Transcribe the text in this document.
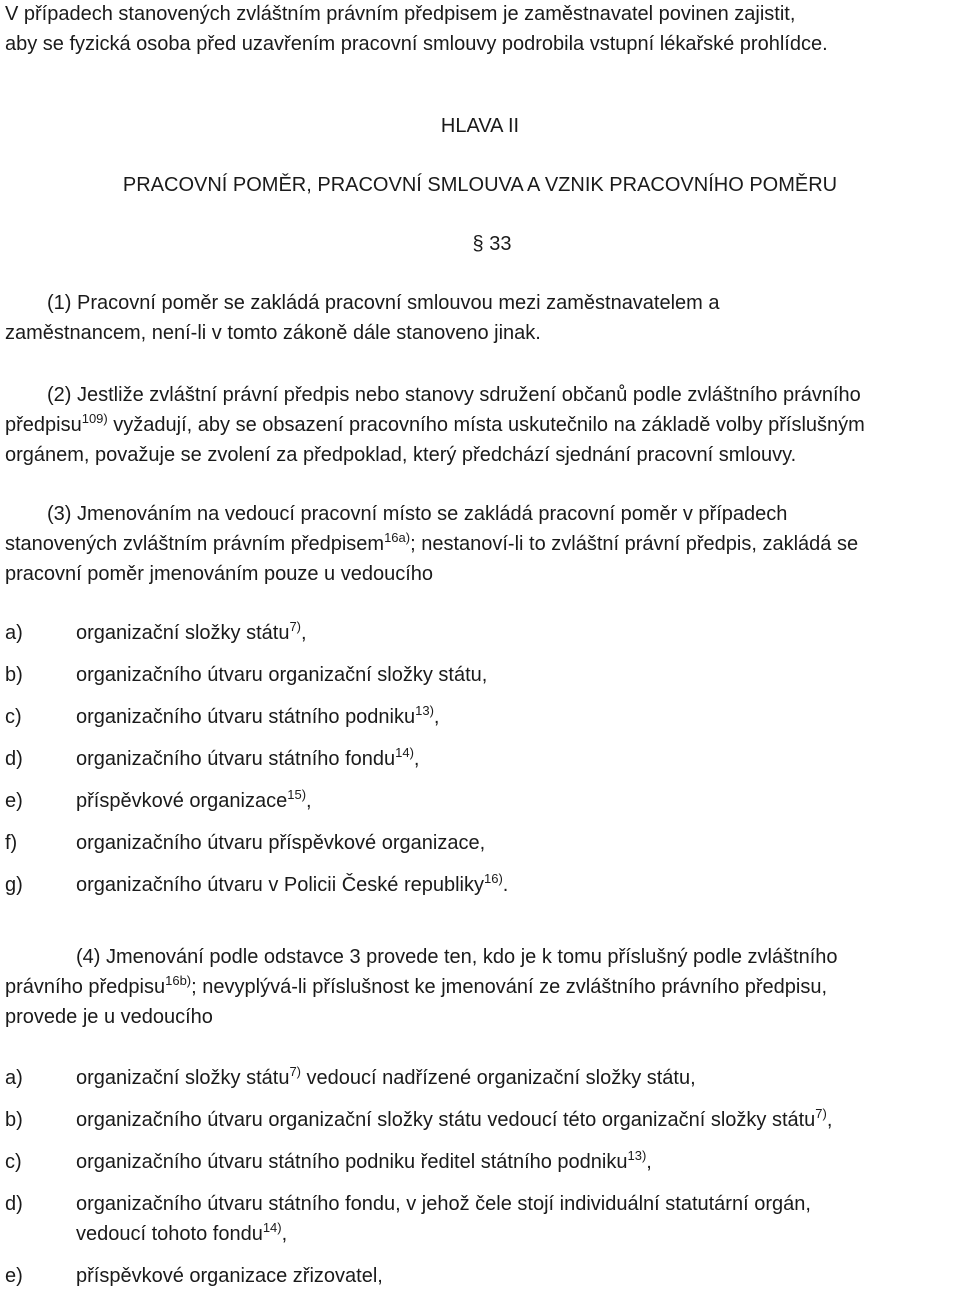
V případech stanovených zvláštním právním předpisem je zaměstnavatel povinen zajistit,
aby se fyzická osoba před uzavřením pracovní smlouvy podrobila vstupní lékařské prohlídce.
HLAVA II
PRACOVNÍ POMĚR, PRACOVNÍ SMLOUVA A VZNIK PRACOVNÍHO POMĚRU
§ 33
(1) Pracovní poměr se zakládá pracovní smlouvou mezi zaměstnavatelem a
zaměstnancem, není-li v tomto zákoně dále stanoveno jinak.
(2) Jestliže zvláštní právní předpis nebo stanovy sdružení občanů podle zvláštního právního
předpisu$^{109)}$ vyžadují, aby se obsazení pracovního místa uskutečnilo na základě volby příslušným
orgánem, považuje se zvolení za předpoklad, který předchází sjednání pracovní smlouvy.
(3) Jmenováním na vedoucí pracovní místo se zakládá pracovní poměr v případech
stanovených zvláštním právním předpisem$^{16a)}$; nestanoví-li to zvláštní právní předpis, zakládá se
pracovní poměr jmenováním pouze u vedoucího
a)	organizační složky státu$^{7)}$,
b)	organizačního útvaru organizační složky státu,
c)	organizačního útvaru státního podniku$^{13)}$,
d)	organizačního útvaru státního fondu$^{14)}$,
e)	příspěvkové organizace$^{15)}$,
f)	organizačního útvaru příspěvkové organizace,
g)	organizačního útvaru v Policii České republiky$^{16)}$.
(4) Jmenování podle odstavce 3 provede ten, kdo je k tomu příslušný podle zvláštního
právního předpisu$^{16b)}$; nevyplývá-li příslušnost ke jmenování ze zvláštního právního předpisu,
provede je u vedoucího
a)	organizační složky státu$^{7)}$ vedoucí nadřízené organizační složky státu,
b)	organizačního útvaru organizační složky státu vedoucí této organizační složky státu$^{7)}$,
c)	organizačního útvaru státního podniku ředitel státního podniku$^{13)}$,
d)	organizačního útvaru státního fondu, v jehož čele stojí individuální statutární orgán,
vedoucí tohoto fondu$^{14)}$,
e)	příspěvkové organizace zřizovatel,
